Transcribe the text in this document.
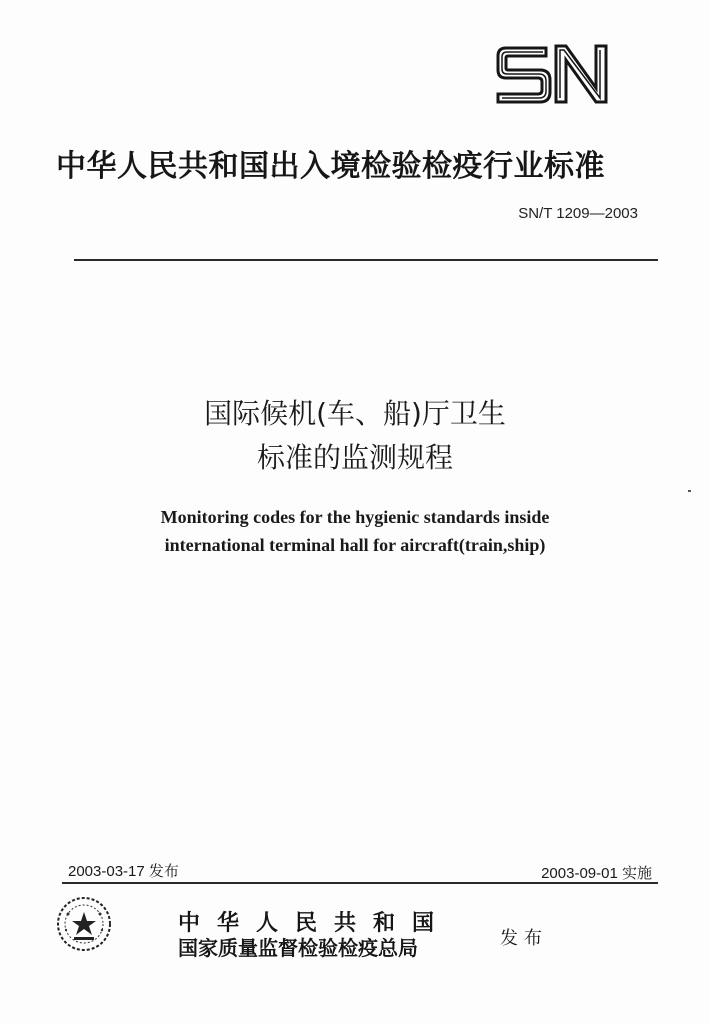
中华人民共和国出入境检验检疫行业标准
SN/T 1209—2003
国际候机(车、船)厅卫生
标准的监测规程
Monitoring codes for the hygienic standards inside
international terminal hall for aircraft(train,ship)
2003-03-17 发布	2003-09-01 实施
中华人民共和国
国家质量监督检验检疫总局	发布
